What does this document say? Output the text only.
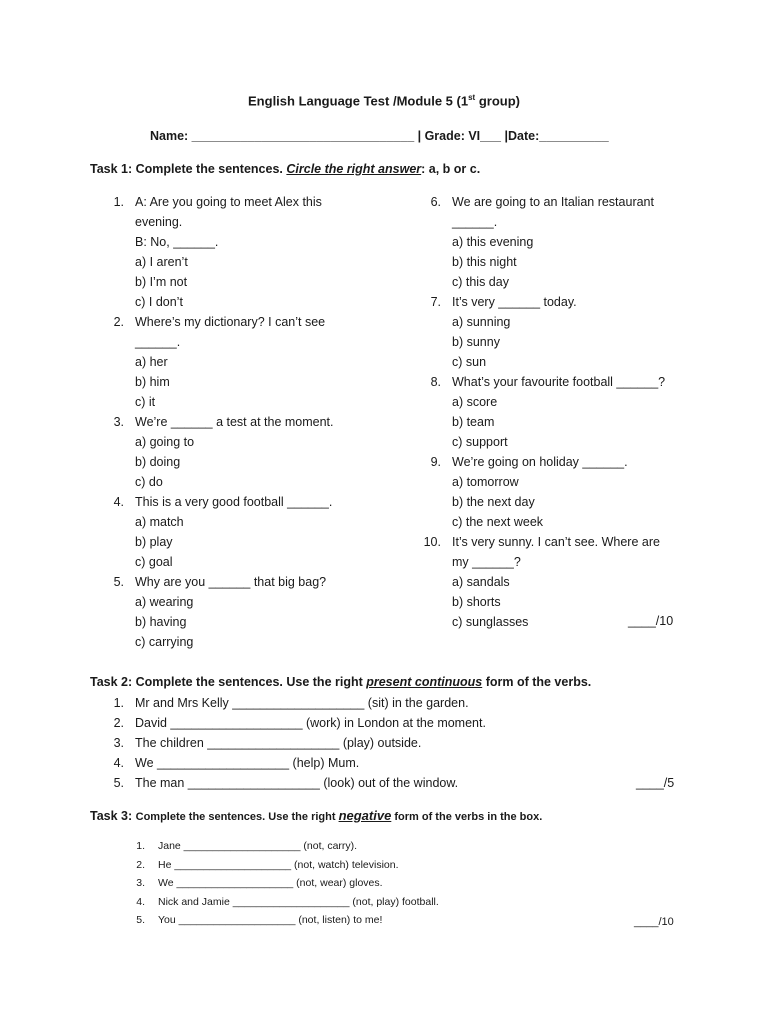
English Language Test /Module 5 (1st group)
Name: ________________________________ | Grade: VI___ |Date:__________
Task 1: Complete the sentences. Circle the right answer: a, b or c.
1. A: Are you going to meet Alex this
evening.
B: No, ______.
a) I aren’t
b) I’m not
c) I don’t
2. Where’s my dictionary? I can’t see
______.
a) her
b) him
c) it
3. We’re ______ a test at the moment.
a) going to
b) doing
c) do
4. This is a very good football ______.
a) match
b) play
c) goal
5. Why are you ______ that big bag?
a) wearing
b) having
c) carrying
6. We are going to an Italian restaurant
______.
a) this evening
b) this night
c) this day
7. It’s very ______ today.
a) sunning
b) sunny
c) sun
8. What’s your favourite football ______?
a) score
b) team
c) support
9. We’re going on holiday ______.
a) tomorrow
b) the next day
c) the next week
10. It’s very sunny. I can’t see. Where are
my ______?
a) sandals
b) shorts
c) sunglasses	____/10
Task 2: Complete the sentences. Use the right present continuous form of the verbs.
1. Mr and Mrs Kelly ___________________ (sit) in the garden.
2. David ___________________ (work) in London at the moment.
3. The children ___________________ (play) outside.
4. We ___________________ (help) Mum.
5. The man ___________________ (look) out of the window.	____/5
Task 3: Complete the sentences. Use the right negative form of the verbs in the box.
1. Jane ____________________ (not, carry).
2. He ____________________ (not, watch) television.
3. We ____________________ (not, wear) gloves.
4. Nick and Jamie ____________________ (not, play) football.
5. You ____________________ (not, listen) to me!	____/10
